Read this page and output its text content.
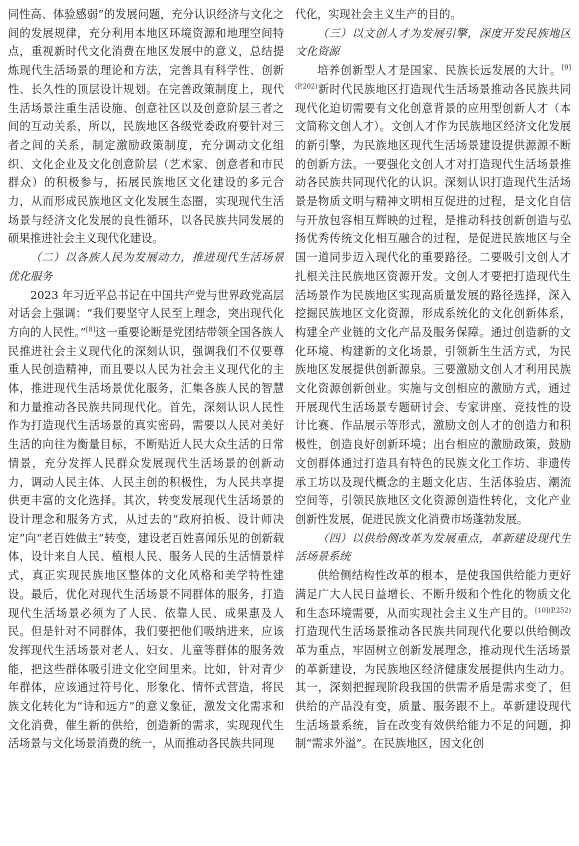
同性高、体验感弱”的发展问题，充分认识经济与文化之间的发展规律，充分利用本地区环境资源和地理空间特点，重视新时代文化消费在地区发展中的意义，总结提炼现代生活场景的理论和方法，完善具有科学性、创新性、长久性的顶层设计规划。在完善政策制度上，现代生活场景注重生活设施、创意社区以及创意阶层三者之间的互动关系，所以，民族地区各级党委政府要针对三者之间的关系，制定激励政策制度，充分调动文化组织、文化企业及文化创意阶层（艺术家、创意者和市民群众）的积极参与，拓展民族地区文化建设的多元合力，从而形成民族地区文化发展生态圈，实现现代生活场景与经济文化发展的良性循环，以各民族共同发展的硕果推进社会主义现代化建设。

（二）以各族人民为发展动力，推进现代生活场景优化服务

2023 年习近平总书记在中国共产党与世界政党高层对话会上强调：“我们要坚守人民至上理念，突出现代化方向的人民性。”[8]这一重要论断是党团结带领全国各族人民推进社会主义现代化的深刻认识，强调我们不仅要尊重人民创造精神，而且要以人民为社会主义现代化的主体，推进现代生活场景优化服务，汇集各族人民的智慧和力量推动各民族共同现代化。首先，深刻认识人民性作为打造现代生活场景的真实密码，需要以人民对美好生活的向往为衡量目标，不断贴近人民大众生活的日常情景，充分发挥人民群众发展现代生活场景的创新动力，调动人民主体、人民主创的积极性，为人民共享提供更丰富的文化选择。其次，转变发展现代生活场景的设计理念和服务方式，从过去的“政府拍板、设计师决定”向“老百姓做主”转变，建设老百姓喜闻乐见的创新载体，设计来自人民、植根人民、服务人民的生活情景样式，真正实现民族地区整体的文化风格和美学特性建设。最后，优化对现代生活场景不同群体的服务，打造现代生活场景必须为了人民、依靠人民、成果惠及人民。但是针对不同群体，我们要把他们吸纳进来，应该发挥现代生活场景对老人、妇女、儿童等群体的服务效能，把这些群体吸引进文化空间里来。比如，针对青少年群体，应该通过符号化、形象化、情怀式营造，将民族文化转化为“诗和远方”的意义象征，激发文化需求和文化消费，催生新的供给，创造新的需求，实现现代生活场景与文化场景消费的统一，从而推动各民族共同现

代化，实现社会主义生产的目的。

（三）以文创人才为发展引擎，深度开发民族地区文化资源

培养创新型人才是国家、民族长远发展的大计。$^{[9](P.202)}$新时代民族地区打造现代生活场景推动各民族共同现代化迫切需要有文化创意背景的应用型创新人才（本文简称文创人才）。文创人才作为民族地区经济文化发展的新引擎，为民族地区现代生活场景建设提供源源不断的创新方法。一要强化文创人才对打造现代生活场景推动各民族共同现代化的认识。深刻认识打造现代生活场景是物质文明与精神文明相互促进的过程，是文化自信与开放包容相互辉映的过程，是推动科技创新创造与弘扬优秀传统文化相互融合的过程，是促进民族地区与全国一道同步迈入现代化的重要路径。二要吸引文创人才扎根关注民族地区资源开发。文创人才要把打造现代生活场景作为民族地区实现高质量发展的路径选择，深入挖掘民族地区文化资源，形成系统化的文化创新体系，构建全产业链的文化产品及服务保障。通过创造新的文化环境、构建新的文化场景，引领新生生活方式，为民族地区发展提供创新源泉。三要激励文创人才利用民族文化资源创新创业。实施与文创相应的激励方式，通过开展现代生活场景专题研讨会、专家讲座、竞技性的设计比赛、作品展示等形式，激励文创人才的创造力和积极性，创造良好创新环境；出台相应的激励政策，鼓励文创群体通过打造具有特色的民族文化工作坊、非遗传承工坊以及现代概念的主题文化店、生活体验店、潮流空间等，引领民族地区文化资源创造性转化，文化产业创新性发展，促进民族文化消费市场蓬勃发展。

（四）以供给侧改革为发展重点，革新建设现代生活场景系统

供给侧结构性改革的根本，是使我国供给能力更好满足广大人民日益增长、不断升级和个性化的物质文化和生态环境需要，从而实现社会主义生产目的。$^{[10](P.252)}$打造现代生活场景推动各民族共同现代化要以供给侧改革为重点，牢固树立创新发展理念，推动现代生活场景的革新建设，为民族地区经济健康发展提供内生动力。其一，深刻把握现阶段我国的供需矛盾是需求变了，但供给的产品没有变，质量、服务跟不上。革新建设现代生活场景系统，旨在改变有效供给能力不足的问题，抑制“需求外溢”。在民族地区，因文化创
